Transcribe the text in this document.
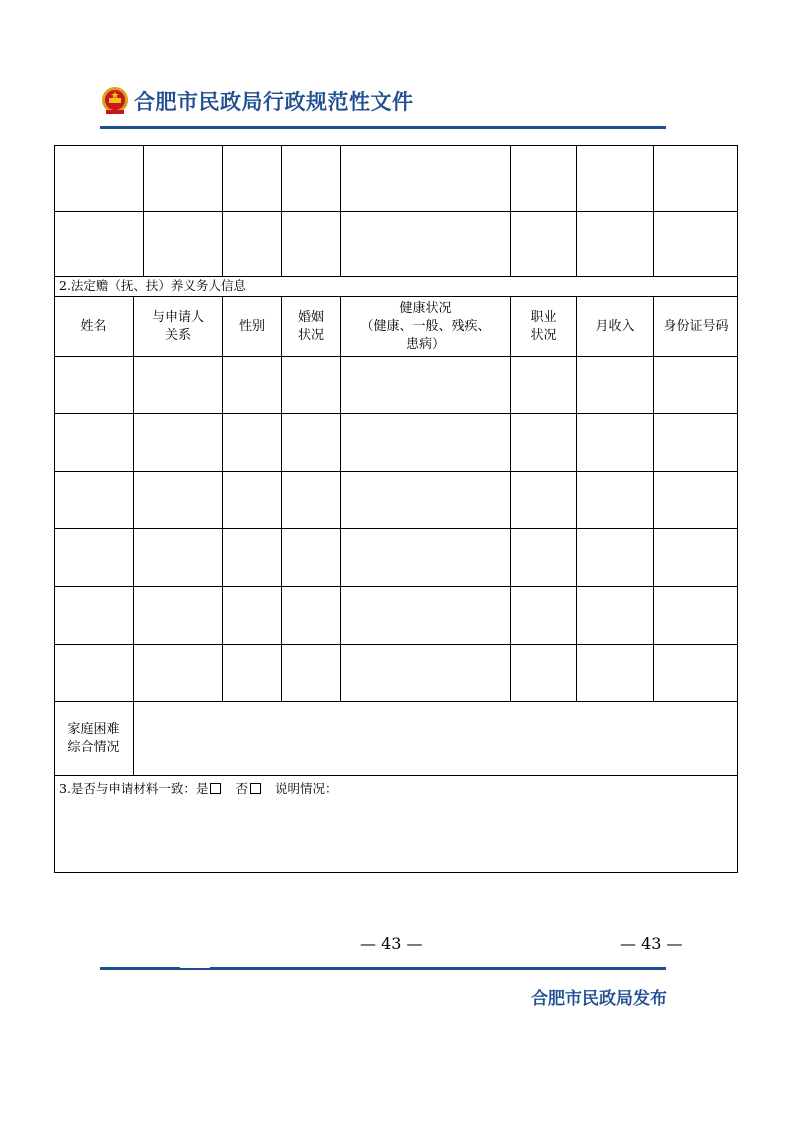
合肥市民政局行政规范性文件
2.法定赡（抚、扶）养义务人信息
姓名
与申请人
关系
性别
婚姻
状况
健康状况
（健康、一般、残疾、
患病）
职业
状况
月收入	身份证号码
家庭困难
综合情况
3.是否与申请材料一致：是 否 说明情况：
— 43 —	— 43 —
合肥市民政局发布
